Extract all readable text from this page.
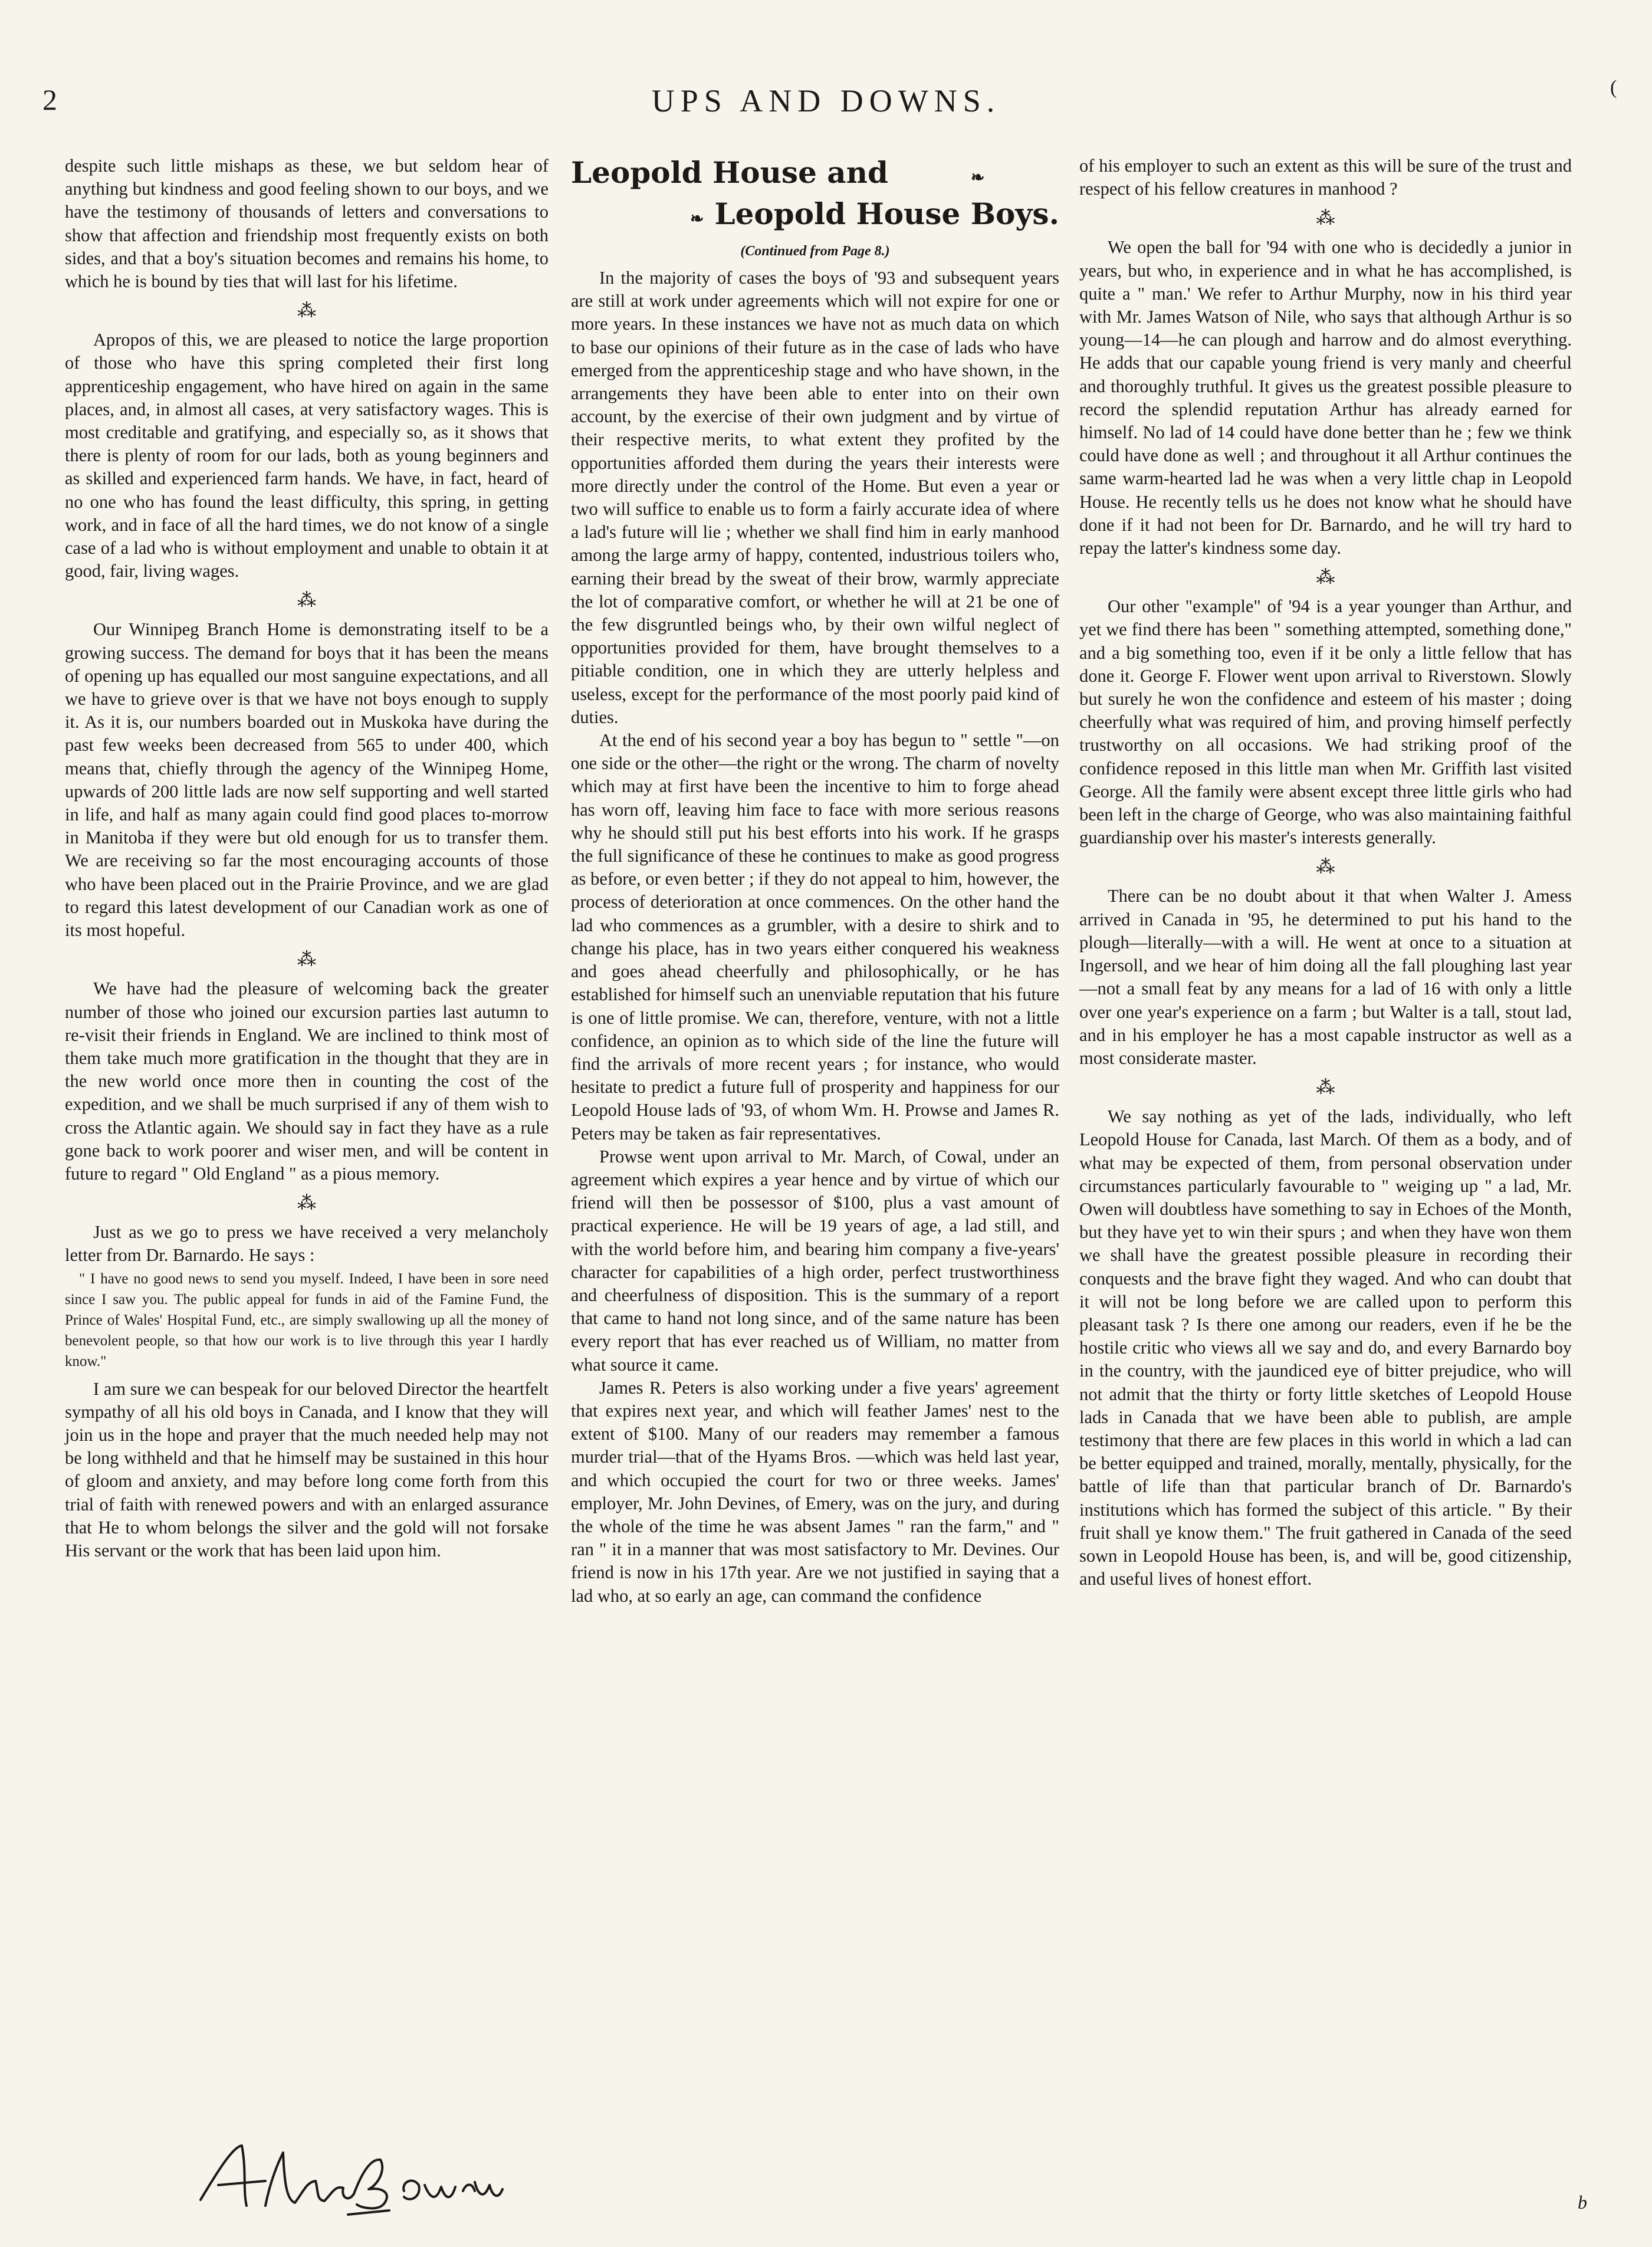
2	UPS AND DOWNS.	(

despite such little mishaps as these, we but seldom hear of anything but kindness and good feeling shown to our boys, and we have the testimony of thousands of letters and conversations to show that affection and friendship most frequently exists on both sides, and that a boy's situation becomes and remains his home, to which he is bound by ties that will last for his lifetime.

⁂

Apropos of this, we are pleased to notice the large proportion of those who have this spring completed their first long apprenticeship engagement, who have hired on again in the same places, and, in almost all cases, at very satisfactory wages. This is most creditable and gratifying, and especially so, as it shows that there is plenty of room for our lads, both as young beginners and as skilled and experienced farm hands. We have, in fact, heard of no one who has found the least difficulty, this spring, in getting work, and in face of all the hard times, we do not know of a single case of a lad who is without employment and unable to obtain it at good, fair, living wages.

⁂

Our Winnipeg Branch Home is demonstrating itself to be a growing success. The demand for boys that it has been the means of opening up has equalled our most sanguine expectations, and all we have to grieve over is that we have not boys enough to supply it. As it is, our numbers boarded out in Muskoka have during the past few weeks been decreased from 565 to under 400, which means that, chiefly through the agency of the Winnipeg Home, upwards of 200 little lads are now self supporting and well started in life, and half as many again could find good places to-morrow in Manitoba if they were but old enough for us to transfer them. We are receiving so far the most encouraging accounts of those who have been placed out in the Prairie Province, and we are glad to regard this latest development of our Canadian work as one of its most hopeful.

⁂

We have had the pleasure of welcoming back the greater number of those who joined our excursion parties last autumn to re-visit their friends in England. We are inclined to think most of them take much more gratification in the thought that they are in the new world once more then in counting the cost of the expedition, and we shall be much surprised if any of them wish to cross the Atlantic again. We should say in fact they have as a rule gone back to work poorer and wiser men, and will be content in future to regard " Old England " as a pious memory.

⁂

Just as we go to press we have received a very melancholy letter from Dr. Barnardo. He says :

" I have no good news to send you myself. Indeed, I have been in sore need since I saw you. The public appeal for funds in aid of the Famine Fund, the Prince of Wales' Hospital Fund, etc., are simply swallowing up all the money of benevolent people, so that how our work is to live through this year I hardly know."

I am sure we can bespeak for our beloved Director the heartfelt sympathy of all his old boys in Canada, and I know that they will join us in the hope and prayer that the much needed help may not be long withheld and that he himself may be sustained in this hour of gloom and anxiety, and may before long come forth from this trial of faith with renewed powers and with an enlarged assurance that He to whom belongs the silver and the gold will not forsake His servant or the work that has been laid upon him.

Leopold House and	❧
❧ Leopold House Boys.
(Continued from Page 8.)

In the majority of cases the boys of '93 and subsequent years are still at work under agreements which will not expire for one or more years. In these instances we have not as much data on which to base our opinions of their future as in the case of lads who have emerged from the apprenticeship stage and who have shown, in the arrangements they have been able to enter into on their own account, by the exercise of their own judgment and by virtue of their respective merits, to what extent they profited by the opportunities afforded them during the years their interests were more directly under the control of the Home. But even a year or two will suffice to enable us to form a fairly accurate idea of where a lad's future will lie ; whether we shall find him in early manhood among the large army of happy, contented, industrious toilers who, earning their bread by the sweat of their brow, warmly appreciate the lot of comparative comfort, or whether he will at 21 be one of the few disgruntled beings who, by their own wilful neglect of opportunities provided for them, have brought themselves to a pitiable condition, one in which they are utterly helpless and useless, except for the performance of the most poorly paid kind of duties.

At the end of his second year a boy has begun to " settle "—on one side or the other—the right or the wrong. The charm of novelty which may at first have been the incentive to him to forge ahead has worn off, leaving him face to face with more serious reasons why he should still put his best efforts into his work. If he grasps the full significance of these he continues to make as good progress as before, or even better ; if they do not appeal to him, however, the process of deterioration at once commences. On the other hand the lad who commences as a grumbler, with a desire to shirk and to change his place, has in two years either conquered his weakness and goes ahead cheerfully and philosophically, or he has established for himself such an unenviable reputation that his future is one of little promise. We can, therefore, venture, with not a little confidence, an opinion as to which side of the line the future will find the arrivals of more recent years ; for instance, who would hesitate to predict a future full of prosperity and happiness for our Leopold House lads of '93, of whom Wm. H. Prowse and James R. Peters may be taken as fair representatives.

Prowse went upon arrival to Mr. March, of Cowal, under an agreement which expires a year hence and by virtue of which our friend will then be possessor of $100, plus a vast amount of practical experience. He will be 19 years of age, a lad still, and with the world before him, and bearing him company a five-years' character for capabilities of a high order, perfect trustworthiness and cheerfulness of disposition. This is the summary of a report that came to hand not long since, and of the same nature has been every report that has ever reached us of William, no matter from what source it came.

James R. Peters is also working under a five years' agreement that expires next year, and which will feather James' nest to the extent of $100. Many of our readers may remember a famous murder trial—that of the Hyams Bros. —which was held last year, and which occupied the court for two or three weeks. James' employer, Mr. John Devines, of Emery, was on the jury, and during the whole of the time he was absent James " ran the farm," and " ran " it in a manner that was most satisfactory to Mr. Devines. Our friend is now in his 17th year. Are we not justified in saying that a lad who, at so early an age, can command the confidence

of his employer to such an extent as this will be sure of the trust and respect of his fellow creatures in manhood ?

⁂

We open the ball for '94 with one who is decidedly a junior in years, but who, in experience and in what he has accomplished, is quite a " man.' We refer to Arthur Murphy, now in his third year with Mr. James Watson of Nile, who says that although Arthur is so young—14—he can plough and harrow and do almost everything. He adds that our capable young friend is very manly and cheerful and thoroughly truthful. It gives us the greatest possible pleasure to record the splendid reputation Arthur has already earned for himself. No lad of 14 could have done better than he ; few we think could have done as well ; and throughout it all Arthur continues the same warm-hearted lad he was when a very little chap in Leopold House. He recently tells us he does not know what he should have done if it had not been for Dr. Barnardo, and he will try hard to repay the latter's kindness some day.

⁂

Our other "example" of '94 is a year younger than Arthur, and yet we find there has been " something attempted, something done," and a big something too, even if it be only a little fellow that has done it. George F. Flower went upon arrival to Riverstown. Slowly but surely he won the confidence and esteem of his master ; doing cheerfully what was required of him, and proving himself perfectly trustworthy on all occasions. We had striking proof of the confidence reposed in this little man when Mr. Griffith last visited George. All the family were absent except three little girls who had been left in the charge of George, who was also maintaining faithful guardianship over his master's interests generally.

⁂

There can be no doubt about it that when Walter J. Amess arrived in Canada in '95, he determined to put his hand to the plough—literally—with a will. He went at once to a situation at Ingersoll, and we hear of him doing all the fall ploughing last year—not a small feat by any means for a lad of 16 with only a little over one year's experience on a farm ; but Walter is a tall, stout lad, and in his employer he has a most capable instructor as well as a most considerate master.

⁂

We say nothing as yet of the lads, individually, who left Leopold House for Canada, last March. Of them as a body, and of what may be expected of them, from personal observation under circumstances particularly favourable to " weiging up " a lad, Mr. Owen will doubtless have something to say in Echoes of the Month, but they have yet to win their spurs ; and when they have won them we shall have the greatest possible pleasure in recording their conquests and the brave fight they waged. And who can doubt that it will not be long before we are called upon to perform this pleasant task ? Is there one among our readers, even if he be the hostile critic who views all we say and do, and every Barnardo boy in the country, with the jaundiced eye of bitter prejudice, who will not admit that the thirty or forty little sketches of Leopold House lads in Canada that we have been able to publish, are ample testimony that there are few places in this world in which a lad can be better equipped and trained, morally, mentally, physically, for the battle of life than that particular branch of Dr. Barnardo's institutions which has formed the subject of this article. " By their fruit shall ye know them." The fruit gathered in Canada of the seed sown in Leopold House has been, is, and will be, good citizenship, and useful lives of honest effort.

b
